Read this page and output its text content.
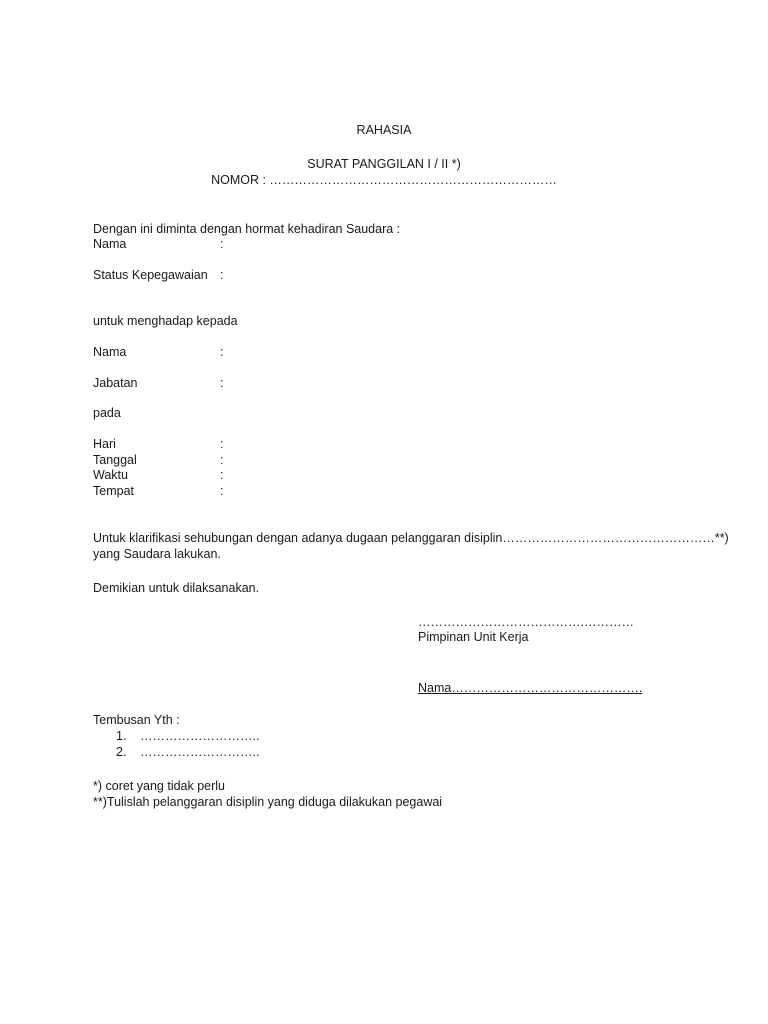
RAHASIA
SURAT PANGGILAN I / II *)
NOMOR : ……………………………………………………………
Dengan ini diminta dengan hormat kehadiran Saudara :
Nama	:
Status Kepegawaian :
untuk menghadap kepada
Nama	:
Jabatan	:
pada
Hari	:
Tanggal	:
Waktu	:
Tempat	:
Untuk klarifikasi sehubungan dengan adanya dugaan pelanggaran disiplin……………………………………………**)
yang Saudara lakukan.
Demikian untuk dilaksanakan.
………………………………….…………
Pimpinan Unit Kerja
Nama……………………………………….
Tembusan Yth :
1. ………………………..
2. ………………………..
*) coret yang tidak perlu
**)Tulislah pelanggaran disiplin yang diduga dilakukan pegawai
